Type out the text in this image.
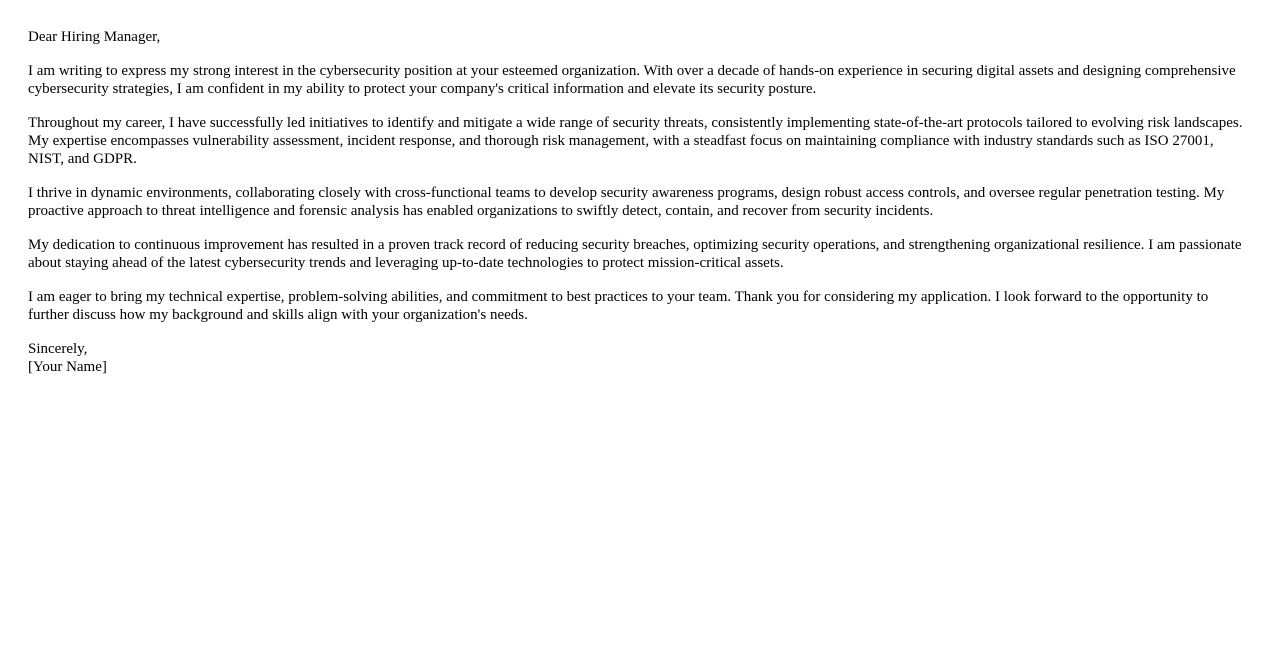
Dear Hiring Manager,

I am writing to express my strong interest in the cybersecurity position at your esteemed organization. With over a decade of hands-on experience in securing digital assets and designing comprehensive cybersecurity strategies, I am confident in my ability to protect your company's critical information and elevate its security posture.

Throughout my career, I have successfully led initiatives to identify and mitigate a wide range of security threats, consistently implementing state-of-the-art protocols tailored to evolving risk landscapes. My expertise encompasses vulnerability assessment, incident response, and thorough risk management, with a steadfast focus on maintaining compliance with industry standards such as ISO 27001, NIST, and GDPR.

I thrive in dynamic environments, collaborating closely with cross-functional teams to develop security awareness programs, design robust access controls, and oversee regular penetration testing. My proactive approach to threat intelligence and forensic analysis has enabled organizations to swiftly detect, contain, and recover from security incidents.

My dedication to continuous improvement has resulted in a proven track record of reducing security breaches, optimizing security operations, and strengthening organizational resilience. I am passionate about staying ahead of the latest cybersecurity trends and leveraging up-to-date technologies to protect mission-critical assets.

I am eager to bring my technical expertise, problem-solving abilities, and commitment to best practices to your team. Thank you for considering my application. I look forward to the opportunity to further discuss how my background and skills align with your organization's needs.

Sincerely,
[Your Name]
